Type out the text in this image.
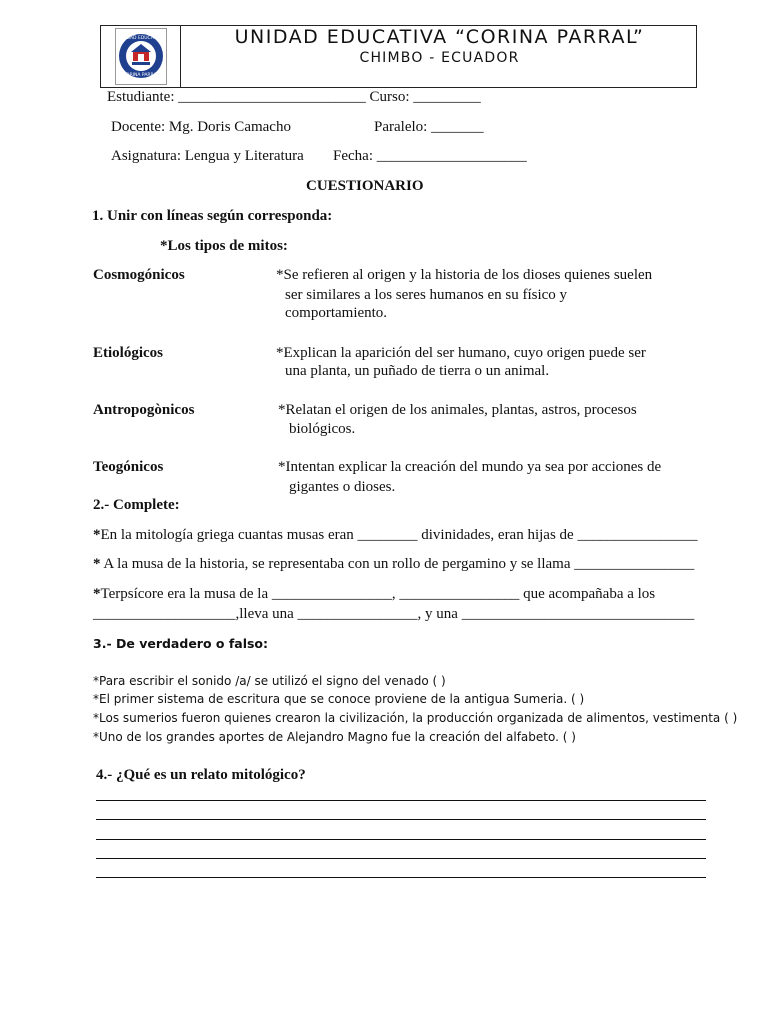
UNIDAD EDUCATIVA
CORINA PARRAL
UNIDAD EDUCATIVA “CORINA PARRAL”
CHIMBO - ECUADOR
Estudiante: _________________________ Curso: _________
Docente: Mg. Doris Camacho	Paralelo: _______
Asignatura: Lengua y Literatura Fecha: ____________________
CUESTIONARIO
1. Unir con líneas según corresponda:
*Los tipos de mitos:
Cosmogónicos	*Se refieren al origen y la historia de los dioses quienes suelen
ser similares a los seres humanos en su físico y
comportamiento.
Etiológicos	*Explican la aparición del ser humano, cuyo origen puede ser
una planta, un puñado de tierra o un animal.
Antropogònicos	*Relatan el origen de los animales, plantas, astros, procesos
biológicos.
Teogónicos	*Intentan explicar la creación del mundo ya sea por acciones de
gigantes o dioses.
2.- Complete:
*En la mitología griega cuantas musas eran ________ divinidades, eran hijas de ________________
* A la musa de la historia, se representaba con un rollo de pergamino y se llama ________________
*Terpsícore era la musa de la ________________, ________________ que acompañaba a los
___________________,lleva una ________________, y una _______________________________
3.- De verdadero o falso:
*Para escribir el sonido /a/ se utilizó el signo del venado ( )
*El primer sistema de escritura que se conoce proviene de la antigua Sumeria. ( )
*Los sumerios fueron quienes crearon la civilización, la producción organizada de alimentos, vestimenta ( )
*Uno de los grandes aportes de Alejandro Magno fue la creación del alfabeto. ( )
4.- ¿Qué es un relato mitológico?
